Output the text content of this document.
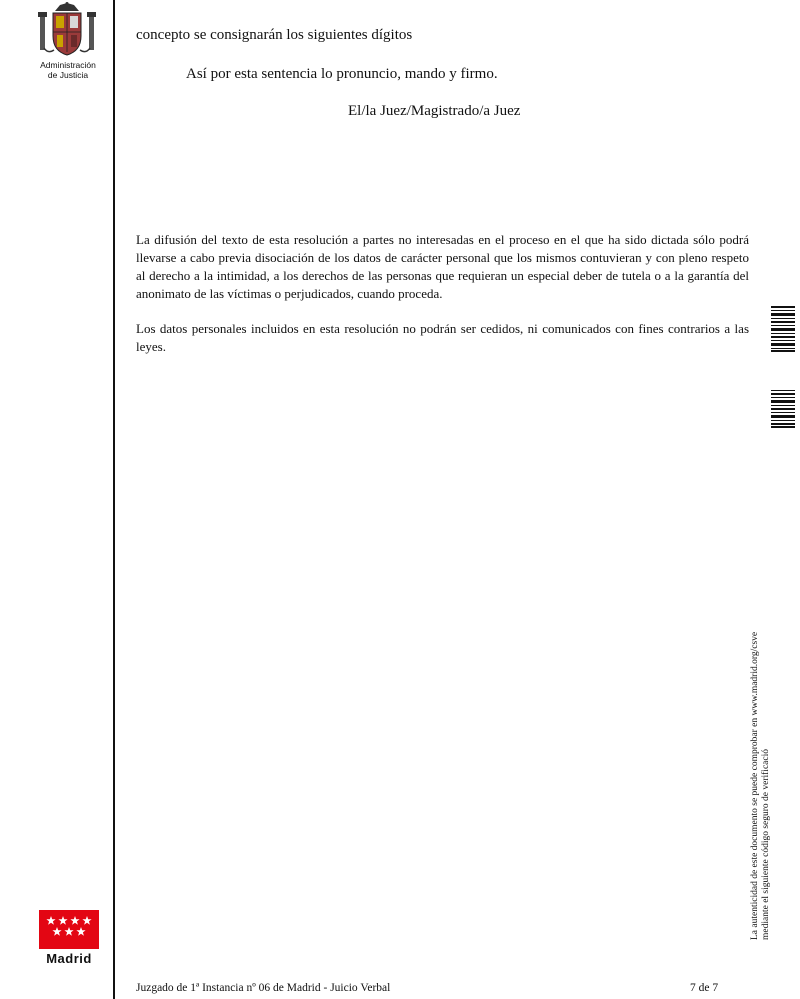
Administración
de Justicia
concepto se consignarán los siguientes dígitos
Así por esta sentencia lo pronuncio, mando y firmo.
El/la Juez/Magistrado/a Juez

La difusión del texto de esta resolución a partes no interesadas en el proceso en el que ha sido dictada sólo podrá llevarse a cabo previa disociación de los datos de carácter personal que los mismos contuvieran y con pleno respeto al derecho a la intimidad, a los derechos de las personas que requieran un especial deber de tutela o a la garantía del anonimato de las víctimas o perjudicados, cuando proceda.

Los datos personales incluidos en esta resolución no podrán ser cedidos, ni comunicados con fines contrarios a las leyes.

La autenticidad de este documento se puede comprobar en www.madrid.org/csve mediante el siguiente código seguro de verificació
Madrid
Juzgado de 1ª Instancia nº 06 de Madrid - Juicio Verbal	7 de 7
